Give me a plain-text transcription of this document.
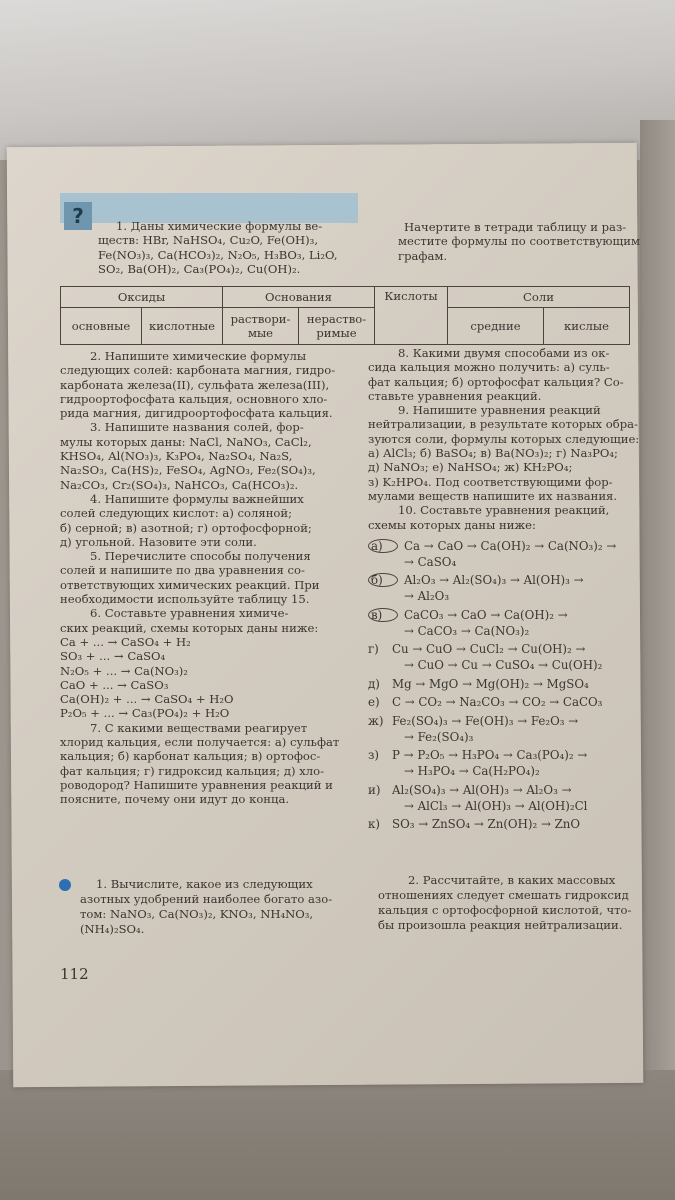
?	1. Даны химические формулы ве-
ществ: HBr, NaHSO₄, Cu₂O, Fe(OH)₃,
Fe(NO₃)₃, Ca(HCO₃)₂, N₂O₅, H₃BO₃, Li₂O,
SO₂, Ba(OH)₂, Ca₃(PO₄)₂, Cu(OH)₂.
Начертите в тетради таблицу и раз-
местите формулы по соответствующим
графам.
Оксиды		Основания		Кислоты	Соли	
основные	кислотные	раствори-
мые	нераство-
римые		средние	кислые
2. Напишите химические формулы
следующих солей: карбоната магния, гидро-
карбоната железа(II), сульфата железа(III),
гидроортофосфата кальция, основного хло-
рида магния, дигидроортофосфата кальция.
3. Напишите названия солей, фор-
мулы которых даны: NaCl, NaNO₃, CaCl₂,
KHSO₄, Al(NO₃)₃, K₃PO₄, Na₂SO₄, Na₂S,
Na₂SO₃, Ca(HS)₂, FeSO₄, AgNO₃, Fe₂(SO₄)₃,
Na₂CO₃, Cr₂(SO₄)₃, NaHCO₃, Ca(HCO₃)₂.
4. Напишите формулы важнейших
солей следующих кислот: а) соляной;
б) серной; в) азотной; г) ортофосфорной;
д) угольной. Назовите эти соли.
5. Перечислите способы получения
солей и напишите по два уравнения со-
ответствующих химических реакций. При
необходимости используйте таблицу 15.
6. Составьте уравнения химиче-
ских реакций, схемы которых даны ниже:
Ca + ... → CaSO₄ + H₂
SO₃ + ... → CaSO₄
N₂O₅ + ... → Ca(NO₃)₂
CaO + ... → CaSO₃
Ca(OH)₂ + ... → CaSO₄ + H₂O
P₂O₅ + ... → Ca₃(PO₄)₂ + H₂O
7. С какими веществами реагирует
хлорид кальция, если получается: а) сульфат
кальция; б) карбонат кальция; в) ортофос-
фат кальция; г) гидроксид кальция; д) хло-
роводород? Напишите уравнения реакций и
поясните, почему они идут до конца.
8. Какими двумя способами из ок-
сида кальция можно получить: а) суль-
фат кальция; б) ортофосфат кальция? Со-
ставьте уравнения реакций.
9. Напишите уравнения реакций
нейтрализации, в результате которых обра-
зуются соли, формулы которых следующие:
а) AlCl₃; б) BaSO₄; в) Ba(NO₃)₂; г) Na₃PO₄;
д) NaNO₃; е) NaHSO₄; ж) KH₂PO₄;
з) K₂HPO₄. Под соответствующими фор-
мулами веществ напишите их названия.
10. Составьте уравнения реакций,
схемы которых даны ниже:
а) Ca → CaO → Ca(OH)₂ → Ca(NO₃)₂ →
→ CaSO₄
б) Al₂O₃ → Al₂(SO₄)₃ → Al(OH)₃ →
→ Al₂O₃
в) CaCO₃ → CaO → Ca(OH)₂ →
→ CaCO₃ → Ca(NO₃)₂
г) Cu → CuO → CuCl₂ → Cu(OH)₂ →
→ CuO → Cu → CuSO₄ → Cu(OH)₂
д) Mg → MgO → Mg(OH)₂ → MgSO₄
е) C → CO₂ → Na₂CO₃ → CO₂ → CaCO₃
ж) Fe₂(SO₄)₃ → Fe(OH)₃ → Fe₂O₃ →
→ Fe₂(SO₄)₃
з) P → P₂O₅ → H₃PO₄ → Ca₃(PO₄)₂ →
→ H₃PO₄ → Ca(H₂PO₄)₂
и) Al₂(SO₄)₃ → Al(OH)₃ → Al₂O₃ →
→ AlCl₃ → Al(OH)₃ → Al(OH)₂Cl
к) SO₃ → ZnSO₄ → Zn(OH)₂ → ZnO
1. Вычислите, какое из следующих
азотных удобрений наиболее богато азо-
том: NaNO₃, Ca(NO₃)₂, KNO₃, NH₄NO₃,
(NH₄)₂SO₄.
2. Рассчитайте, в каких массовых
отношениях следует смешать гидроксид
кальция с ортофосфорной кислотой, что-
бы произошла реакция нейтрализации.
112
